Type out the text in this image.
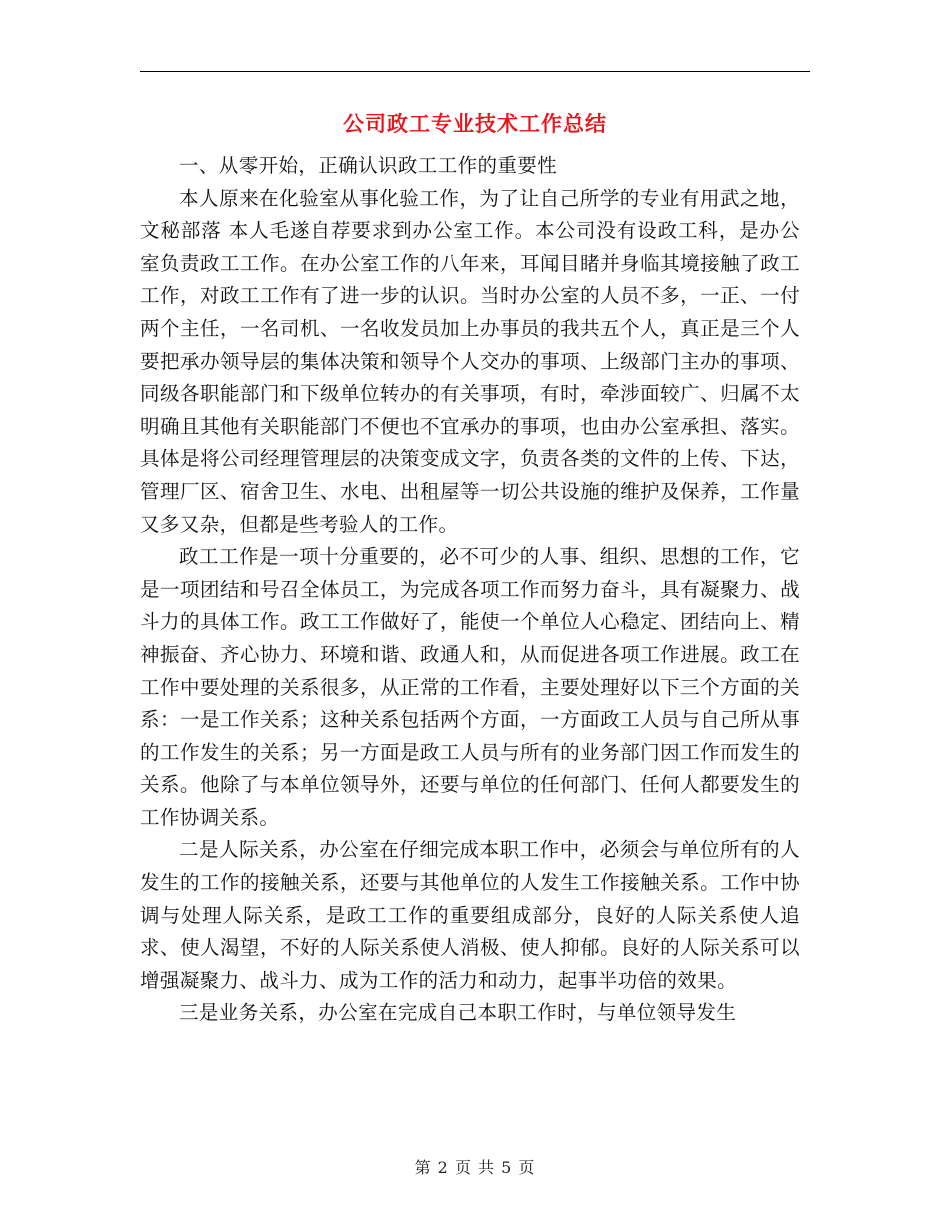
公司政工专业技术工作总结

一、从零开始，正确认识政工工作的重要性

本人原来在化验室从事化验工作，为了让自己所学的专业有用武之地，文秘部落 本人毛遂自荐要求到办公室工作。本公司没有设政工科，是办公室负责政工工作。在办公室工作的八年来，耳闻目睹并身临其境接触了政工工作，对政工工作有了进一步的认识。当时办公室的人员不多，一正、一付两个主任，一名司机、一名收发员加上办事员的我共五个人，真正是三个人要把承办领导层的集体决策和领导个人交办的事项、上级部门主办的事项、同级各职能部门和下级单位转办的有关事项，有时，牵涉面较广、归属不太明确且其他有关职能部门不便也不宜承办的事项，也由办公室承担、落实。具体是将公司经理管理层的决策变成文字，负责各类的文件的上传、下达，管理厂区、宿舍卫生、水电、出租屋等一切公共设施的维护及保养，工作量又多又杂，但都是些考验人的工作。

政工工作是一项十分重要的，必不可少的人事、组织、思想的工作，它是一项团结和号召全体员工，为完成各项工作而努力奋斗，具有凝聚力、战斗力的具体工作。政工工作做好了，能使一个单位人心稳定、团结向上、精神振奋、齐心协力、环境和谐、政通人和，从而促进各项工作进展。政工在工作中要处理的关系很多，从正常的工作看，主要处理好以下三个方面的关系：一是工作关系；这种关系包括两个方面，一方面政工人员与自己所从事的工作发生的关系；另一方面是政工人员与所有的业务部门因工作而发生的关系。他除了与本单位领导外，还要与单位的任何部门、任何人都要发生的工作协调关系。

二是人际关系，办公室在仔细完成本职工作中，必须会与单位所有的人发生的工作的接触关系，还要与其他单位的人发生工作接触关系。工作中协调与处理人际关系，是政工工作的重要组成部分，良好的人际关系使人追求、使人渴望，不好的人际关系使人消极、使人抑郁。良好的人际关系可以增强凝聚力、战斗力、成为工作的活力和动力，起事半功倍的效果。

三是业务关系，办公室在完成自己本职工作时，与单位领导发生

第 2 页 共 5 页
